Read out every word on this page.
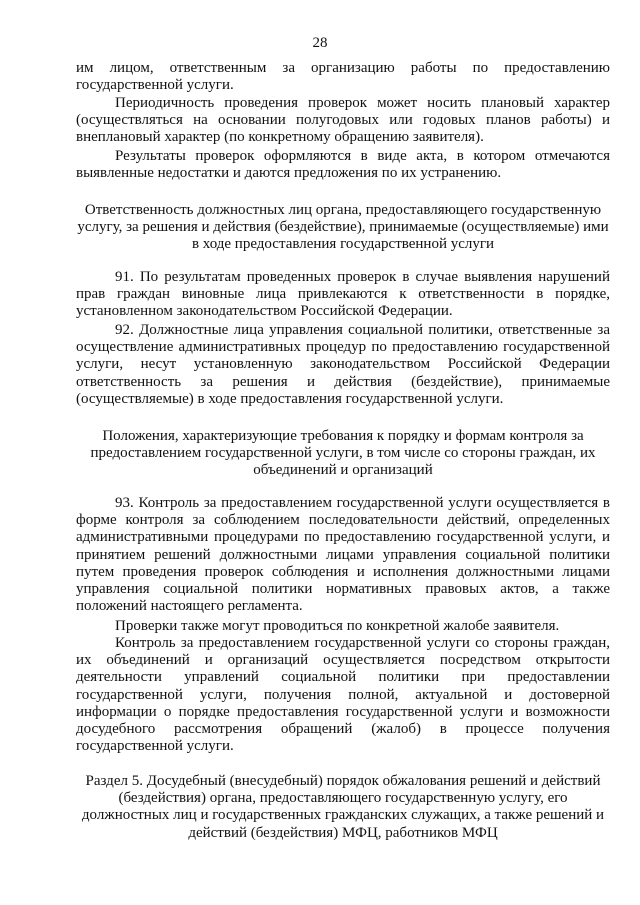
28

им лицом, ответственным за организацию работы по предоставлению государственной услуги.

Периодичность проведения проверок может носить плановый характер (осуществляться на основании полугодовых или годовых планов работы) и внеплановый характер (по конкретному обращению заявителя).

Результаты проверок оформляются в виде акта, в котором отмечаются выявленные недостатки и даются предложения по их устранению.

Ответственность должностных лиц органа, предоставляющего государственную услугу, за решения и действия (бездействие), принимаемые (осуществляемые) ими в ходе предоставления государственной услуги

91. По результатам проведенных проверок в случае выявления нарушений прав граждан виновные лица привлекаются к ответственности в порядке, установленном законодательством Российской Федерации.

92. Должностные лица управления социальной политики, ответственные за осуществление административных процедур по предоставлению государственной услуги, несут установленную законодательством Российской Федерации ответственность за решения и действия (бездействие), принимаемые (осуществляемые) в ходе предоставления государственной услуги.

Положения, характеризующие требования к порядку и формам контроля за предоставлением государственной услуги, в том числе со стороны граждан, их объединений и организаций

93. Контроль за предоставлением государственной услуги осуществляется в форме контроля за соблюдением последовательности действий, определенных административными процедурами по предоставлению государственной услуги, и принятием решений должностными лицами управления социальной политики путем проведения проверок соблюдения и исполнения должностными лицами управления социальной политики нормативных правовых актов, а также положений настоящего регламента.

Проверки также могут проводиться по конкретной жалобе заявителя.

Контроль за предоставлением государственной услуги со стороны граждан, их объединений и организаций осуществляется посредством открытости деятельности управлений социальной политики при предоставлении государственной услуги, получения полной, актуальной и достоверной информации о порядке предоставления государственной услуги и возможности досудебного рассмотрения обращений (жалоб) в процессе получения государственной услуги.

Раздел 5. Досудебный (внесудебный) порядок обжалования решений и действий (бездействия) органа, предоставляющего государственную услугу, его должностных лиц и государственных гражданских служащих, а также решений и действий (бездействия) МФЦ, работников МФЦ
